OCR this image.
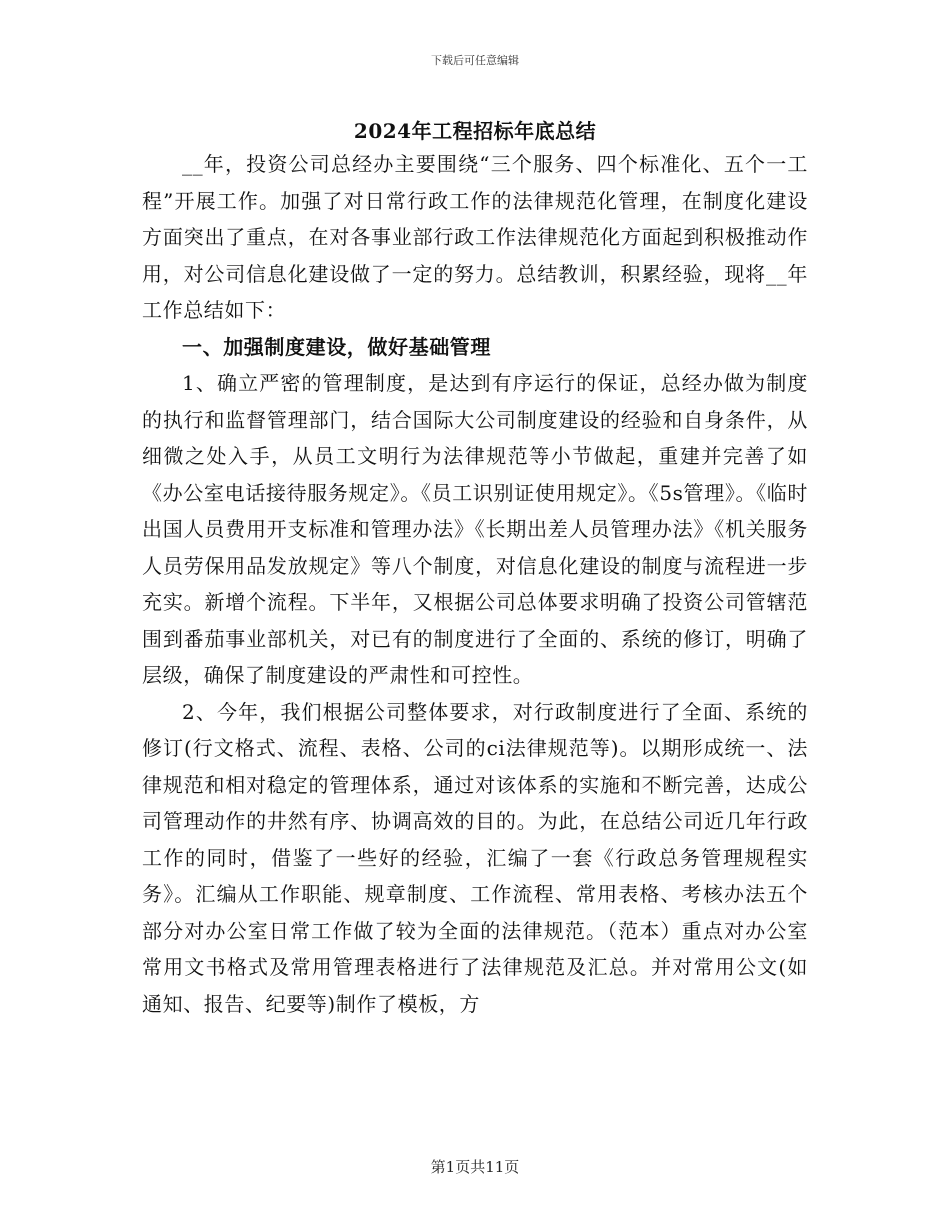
下载后可任意编辑
2024年工程招标年底总结

__年，投资公司总经办主要围绕“三个服务、四个标准化、五个一工程”开展工作。加强了对日常行政工作的法律规范化管理，在制度化建设方面突出了重点，在对各事业部行政工作法律规范化方面起到积极推动作用，对公司信息化建设做了一定的努力。总结教训，积累经验，现将__年工作总结如下：

一、加强制度建设，做好基础管理

1、确立严密的管理制度，是达到有序运行的保证，总经办做为制度的执行和监督管理部门，结合国际大公司制度建设的经验和自身条件，从细微之处入手，从员工文明行为法律规范等小节做起，重建并完善了如《办公室电话接待服务规定》。《员工识别证使用规定》。《5s管理》。《临时出国人员费用开支标准和管理办法》《长期出差人员管理办法》《机关服务人员劳保用品发放规定》等八个制度，对信息化建设的制度与流程进一步充实。新增个流程。下半年，又根据公司总体要求明确了投资公司管辖范围到番茄事业部机关，对已有的制度进行了全面的、系统的修订，明确了层级，确保了制度建设的严肃性和可控性。

2、今年，我们根据公司整体要求，对行政制度进行了全面、系统的修订(行文格式、流程、表格、公司的ci法律规范等)。以期形成统一、法律规范和相对稳定的管理体系，通过对该体系的实施和不断完善，达成公司管理动作的井然有序、协调高效的目的。为此，在总结公司近几年行政工作的同时，借鉴了一些好的经验，汇编了一套《行政总务管理规程实务》。汇编从工作职能、规章制度、工作流程、常用表格、考核办法五个部分对办公室日常工作做了较为全面的法律规范。（范本）重点对办公室常用文书格式及常用管理表格进行了法律规范及汇总。并对常用公文(如通知、报告、纪要等)制作了模板，方

第1页共11页
